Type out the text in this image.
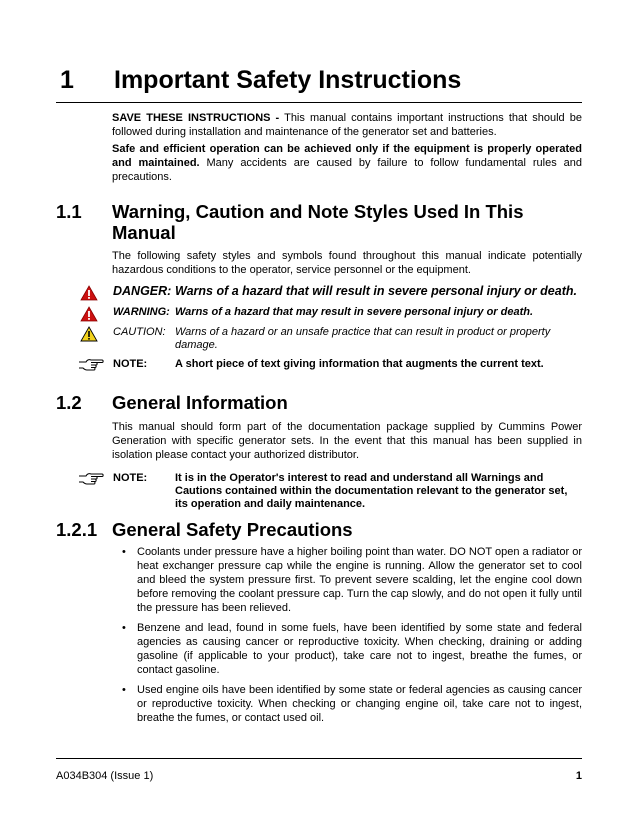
1 Important Safety Instructions
SAVE THESE INSTRUCTIONS - This manual contains important instructions that should be followed during installation and maintenance of the generator set and batteries.
Safe and efficient operation can be achieved only if the equipment is properly operated and maintained. Many accidents are caused by failure to follow fundamental rules and precautions.
1.1 Warning, Caution and Note Styles Used In This Manual
The following safety styles and symbols found throughout this manual indicate potentially hazardous conditions to the operator, service personnel or the equipment.
DANGER: Warns of a hazard that will result in severe personal injury or death.
WARNING: Warns of a hazard that may result in severe personal injury or death.
CAUTION: Warns of a hazard or an unsafe practice that can result in product or property damage.
NOTE:	A short piece of text giving information that augments the current text.
1.2 General Information
This manual should form part of the documentation package supplied by Cummins Power Generation with specific generator sets. In the event that this manual has been supplied in isolation please contact your authorized distributor.
NOTE:	It is in the Operator's interest to read and understand all Warnings and Cautions contained within the documentation relevant to the generator set, its operation and daily maintenance.
1.2.1 General Safety Precautions
• Coolants under pressure have a higher boiling point than water. DO NOT open a radiator or heat exchanger pressure cap while the engine is running. Allow the generator set to cool and bleed the system pressure first. To prevent severe scalding, let the engine cool down before removing the coolant pressure cap. Turn the cap slowly, and do not open it fully until the pressure has been relieved.
• Benzene and lead, found in some fuels, have been identified by some state and federal agencies as causing cancer or reproductive toxicity. When checking, draining or adding gasoline (if applicable to your product), take care not to ingest, breathe the fumes, or contact gasoline.
• Used engine oils have been identified by some state or federal agencies as causing cancer or reproductive toxicity. When checking or changing engine oil, take care not to ingest, breathe the fumes, or contact used oil.
A034B304 (Issue 1)	1
